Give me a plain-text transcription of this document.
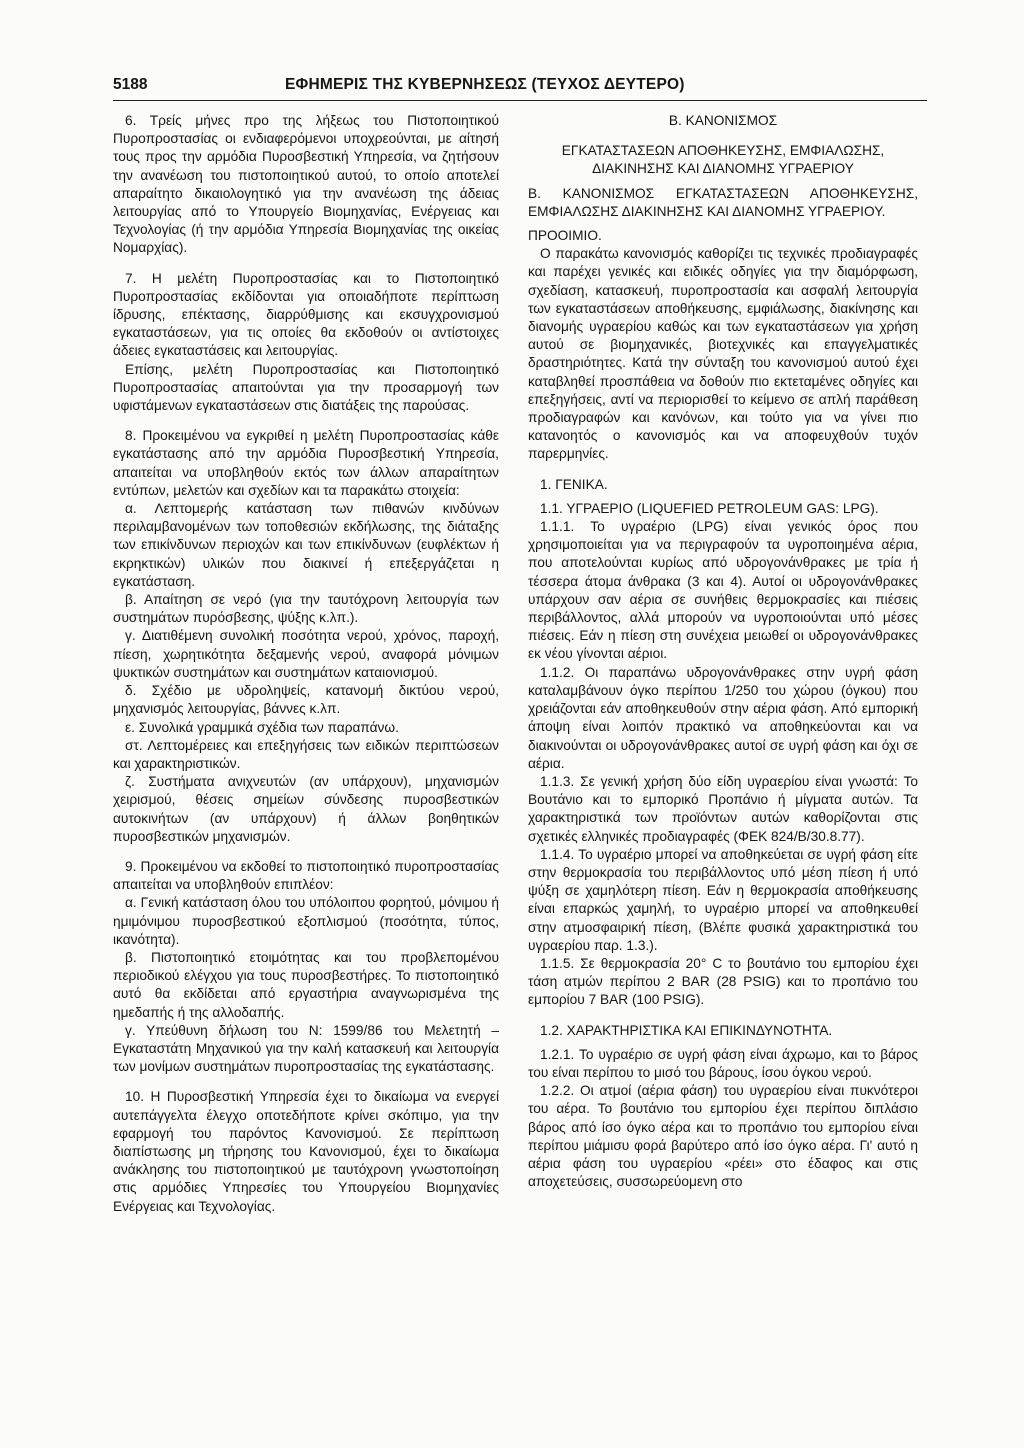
5188	ΕΦΗΜΕΡΙΣ ΤΗΣ ΚΥΒΕΡΝΗΣΕΩΣ (ΤΕΥΧΟΣ ΔΕΥΤΕΡΟ)

6. Τρείς μήνες προ της λήξεως του Πιστοποιητικού Πυροπροστασίας οι ενδιαφερόμενοι υποχρεούνται, με αίτησή τους προς την αρμόδια Πυροσβεστική Υπηρεσία, να ζητήσουν την ανανέωση του πιστοποιητικού αυτού, το οποίο αποτελεί απαραίτητο δικαιολογητικό για την ανανέωση της άδειας λειτουργίας από το Υπουργείο Βιομηχανίας, Ενέργειας και Τεχνολογίας (ή την αρμόδια Υπηρεσία Βιομηχανίας της οικείας Νομαρχίας).

7. Η μελέτη Πυροπροστασίας και το Πιστοποιητικό Πυροπροστασίας εκδίδονται για οποιαδήποτε περίπτωση ίδρυσης, επέκτασης, διαρρύθμισης και εκσυγχρονισμού εγκαταστάσεων, για τις οποίες θα εκδοθούν οι αντίστοιχες άδειες εγκαταστάσεις και λειτουργίας.

Επίσης, μελέτη Πυροπροστασίας και Πιστοποιητικό Πυροπροστασίας απαιτούνται για την προσαρμογή των υφιστάμενων εγκαταστάσεων στις διατάξεις της παρούσας.

8. Προκειμένου να εγκριθεί η μελέτη Πυροπροστασίας κάθε εγκατάστασης από την αρμόδια Πυροσβεστική Υπηρεσία, απαιτείται να υποβληθούν εκτός των άλλων απαραίτητων εντύπων, μελετών και σχεδίων και τα παρακάτω στοιχεία:

α. Λεπτομερής κατάσταση των πιθανών κινδύνων περιλαμβανομένων των τοποθεσιών εκδήλωσης, της διάταξης των επικίνδυνων περιοχών και των επικίνδυνων (ευφλέκτων ή εκρηκτικών) υλικών που διακινεί ή επεξεργάζεται η εγκατάσταση.

β. Απαίτηση σε νερό (για την ταυτόχρονη λειτουργία των συστημάτων πυρόσβεσης, ψύξης κ.λπ.).

γ. Διατιθέμενη συνολική ποσότητα νερού, χρόνος, παροχή, πίεση, χωρητικότητα δεξαμενής νερού, αναφορά μόνιμων ψυκτικών συστημάτων και συστημάτων καταιονισμού.

δ. Σχέδιο με υδροληψείς, κατανομή δικτύου νερού, μηχανισμός λειτουργίας, βάννες κ.λπ.

ε. Συνολικά γραμμικά σχέδια των παραπάνω.

στ. Λεπτομέρειες και επεξηγήσεις των ειδικών περιπτώσεων και χαρακτηριστικών.

ζ. Συστήματα ανιχνευτών (αν υπάρχουν), μηχανισμών χειρισμού, θέσεις σημείων σύνδεσης πυροσβεστικών αυτοκινήτων (αν υπάρχουν) ή άλλων βοηθητικών πυροσβεστικών μηχανισμών.

9. Προκειμένου να εκδοθεί το πιστοποιητικό πυροπροστασίας απαιτείται να υποβληθούν επιπλέον:

α. Γενική κατάσταση όλου του υπόλοιπου φορητού, μόνιμου ή ημιμόνιμου πυροσβεστικού εξοπλισμού (ποσότητα, τύπος, ικανότητα).

β. Πιστοποιητικό ετοιμότητας και του προβλεπομένου περιοδικού ελέγχου για τους πυροσβεστήρες. Το πιστοποιητικό αυτό θα εκδίδεται από εργαστήρια αναγνωρισμένα της ημεδαπής ή της αλλοδαπής.

γ. Υπεύθυνη δήλωση του Ν: 1599/86 του Μελετητή – Εγκαταστάτη Μηχανικού για την καλή κατασκευή και λειτουργία των μονίμων συστημάτων πυροπροστασίας της εγκατάστασης.

10. Η Πυροσβεστική Υπηρεσία έχει το δικαίωμα να ενεργεί αυτεπάγγελτα έλεγχο οποτεδήποτε κρίνει σκόπιμο, για την εφαρμογή του παρόντος Κανονισμού. Σε περίπτωση διαπίστωσης μη τήρησης του Κανονισμού, έχει το δικαίωμα ανάκλησης του πιστοποιητικού με ταυτόχρονη γνωστοποίηση στις αρμόδιες Υπηρεσίες του Υπουργείου Βιομηχανίες Ενέργειας και Τεχνολογίας.

Β. ΚΑΝΟΝΙΣΜΟΣ

ΕΓΚΑΤΑΣΤΑΣΕΩΝ ΑΠΟΘΗΚΕΥΣΗΣ, ΕΜΦΙΑΛΩΣΗΣ, ΔΙΑΚΙΝΗΣΗΣ ΚΑΙ ΔΙΑΝΟΜΗΣ ΥΓΡΑΕΡΙΟΥ

Β. ΚΑΝΟΝΙΣΜΟΣ ΕΓΚΑΤΑΣΤΑΣΕΩΝ ΑΠΟΘΗΚΕΥΣΗΣ, ΕΜΦΙΑΛΩΣΗΣ ΔΙΑΚΙΝΗΣΗΣ ΚΑΙ ΔΙΑΝΟΜΗΣ ΥΓΡΑΕΡΙΟΥ.

ΠΡΟΟΙΜΙΟ.

Ο παρακάτω κανονισμός καθορίζει τις τεχνικές προδιαγραφές και παρέχει γενικές και ειδικές οδηγίες για την διαμόρφωση, σχεδίαση, κατασκευή, πυροπροστασία και ασφαλή λειτουργία των εγκαταστάσεων αποθήκευσης, εμφιάλωσης, διακίνησης και διανομής υγραερίου καθώς και των εγκαταστάσεων για χρήση αυτού σε βιομηχανικές, βιοτεχνικές και επαγγελματικές δραστηριότητες. Κατά την σύνταξη του κανονισμού αυτού έχει καταβληθεί προσπάθεια να δοθούν πιο εκτεταμένες οδηγίες και επεξηγήσεις, αντί να περιορισθεί το κείμενο σε απλή παράθεση προδιαγραφών και κανόνων, και τούτο για να γίνει πιο κατανοητός ο κανονισμός και να αποφευχθούν τυχόν παρερμηνίες.

1. ΓΕΝΙΚΑ.

1.1. ΥΓΡΑΕΡΙΟ (LIQUEFIED PETROLEUM GAS: LPG).

1.1.1. Το υγραέριο (LPG) είναι γενικός όρος που χρησιμοποιείται για να περιγραφούν τα υγροποιημένα αέρια, που αποτελούνται κυρίως από υδρογονάνθρακες με τρία ή τέσσερα άτομα άνθρακα (3 και 4). Αυτοί οι υδρογονάνθρακες υπάρχουν σαν αέρια σε συνήθεις θερμοκρασίες και πιέσεις περιβάλλοντος, αλλά μπορούν να υγροποιούνται υπό μέσες πιέσεις. Εάν η πίεση στη συνέχεια μειωθεί οι υδρογονάνθρακες εκ νέου γίνονται αέριοι.

1.1.2. Οι παραπάνω υδρογονάνθρακες στην υγρή φάση καταλαμβάνουν όγκο περίπου 1/250 του χώρου (όγκου) που χρειάζονται εάν αποθηκευθούν στην αέρια φάση. Από εμπορική άποψη είναι λοιπόν πρακτικό να αποθηκεύονται και να διακινούνται οι υδρογονάνθρακες αυτοί σε υγρή φάση και όχι σε αέρια.

1.1.3. Σε γενική χρήση δύο είδη υγραερίου είναι γνωστά: Το Βουτάνιο και το εμπορικό Προπάνιο ή μίγματα αυτών. Τα χαρακτηριστικά των προϊόντων αυτών καθορίζονται στις σχετικές ελληνικές προδιαγραφές (ΦΕΚ 824/Β/30.8.77).

1.1.4. Το υγραέριο μπορεί να αποθηκεύεται σε υγρή φάση είτε στην θερμοκρασία του περιβάλλοντος υπό μέση πίεση ή υπό ψύξη σε χαμηλότερη πίεση. Εάν η θερμοκρασία αποθήκευσης είναι επαρκώς χαμηλή, το υγραέριο μπορεί να αποθηκευθεί στην ατμοσφαιρική πίεση, (Βλέπε φυσικά χαρακτηριστικά του υγραερίου παρ. 1.3.).

1.1.5. Σε θερμοκρασία 20° C το βουτάνιο του εμπορίου έχει τάση ατμών περίπου 2 BAR (28 PSIG) και το προπάνιο του εμπορίου 7 BAR (100 PSIG).

1.2. ΧΑΡΑΚΤΗΡΙΣΤΙΚΑ ΚΑΙ ΕΠΙΚΙΝΔΥΝΟΤΗΤΑ.

1.2.1. Το υγραέριο σε υγρή φάση είναι άχρωμο, και το βάρος του είναι περίπου το μισό του βάρους, ίσου όγκου νερού.

1.2.2. Οι ατμοί (αέρια φάση) του υγραερίου είναι πυκνότεροι του αέρα. Το βουτάνιο του εμπορίου έχει περίπου διπλάσιο βάρος από ίσο όγκο αέρα και το προπάνιο του εμπορίου είναι περίπου μιάμισυ φορά βαρύτερο από ίσο όγκο αέρα. Γι' αυτό η αέρια φάση του υγραερίου «ρέει» στο έδαφος και στις αποχετεύσεις, συσσωρεύομενη στο
